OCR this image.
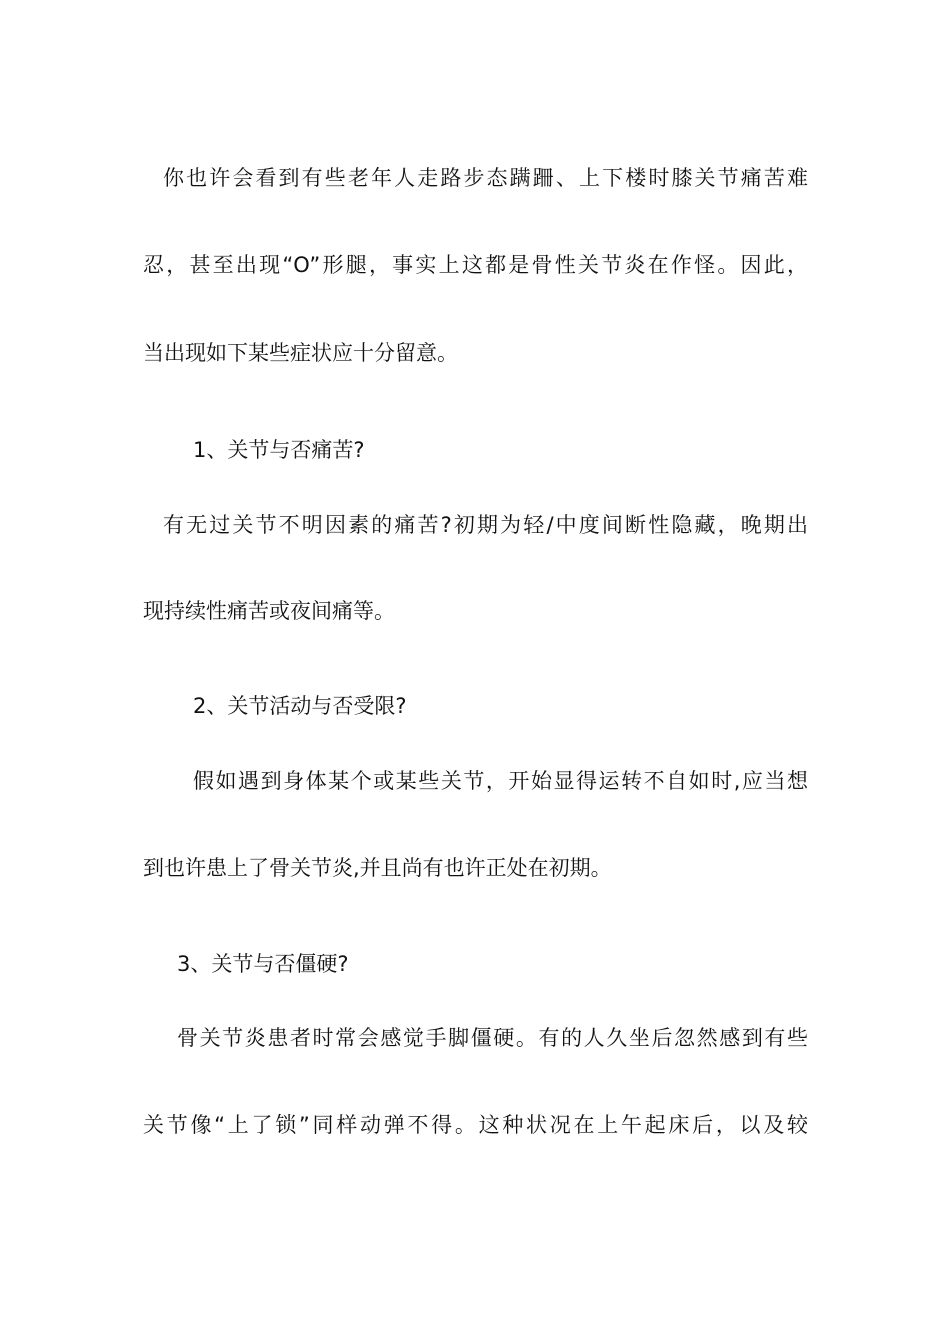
你也许会看到有些老年人走路步态蹒跚、上下楼时膝关节痛苦难
忍，甚至出现“O”形腿，事实上这都是骨性关节炎在作怪。因此，
当出现如下某些症状应十分留意。
1、关节与否痛苦?
有无过关节不明因素的痛苦?初期为轻/中度间断性隐藏，晚期出
现持续性痛苦或夜间痛等。
2、关节活动与否受限?
假如遇到身体某个或某些关节，开始显得运转不自如时,应当想
到也许患上了骨关节炎,并且尚有也许正处在初期。
3、关节与否僵硬?
骨关节炎患者时常会感觉手脚僵硬。有的人久坐后忽然感到有些
关节像“上了锁”同样动弹不得。这种状况在上午起床后，以及较
